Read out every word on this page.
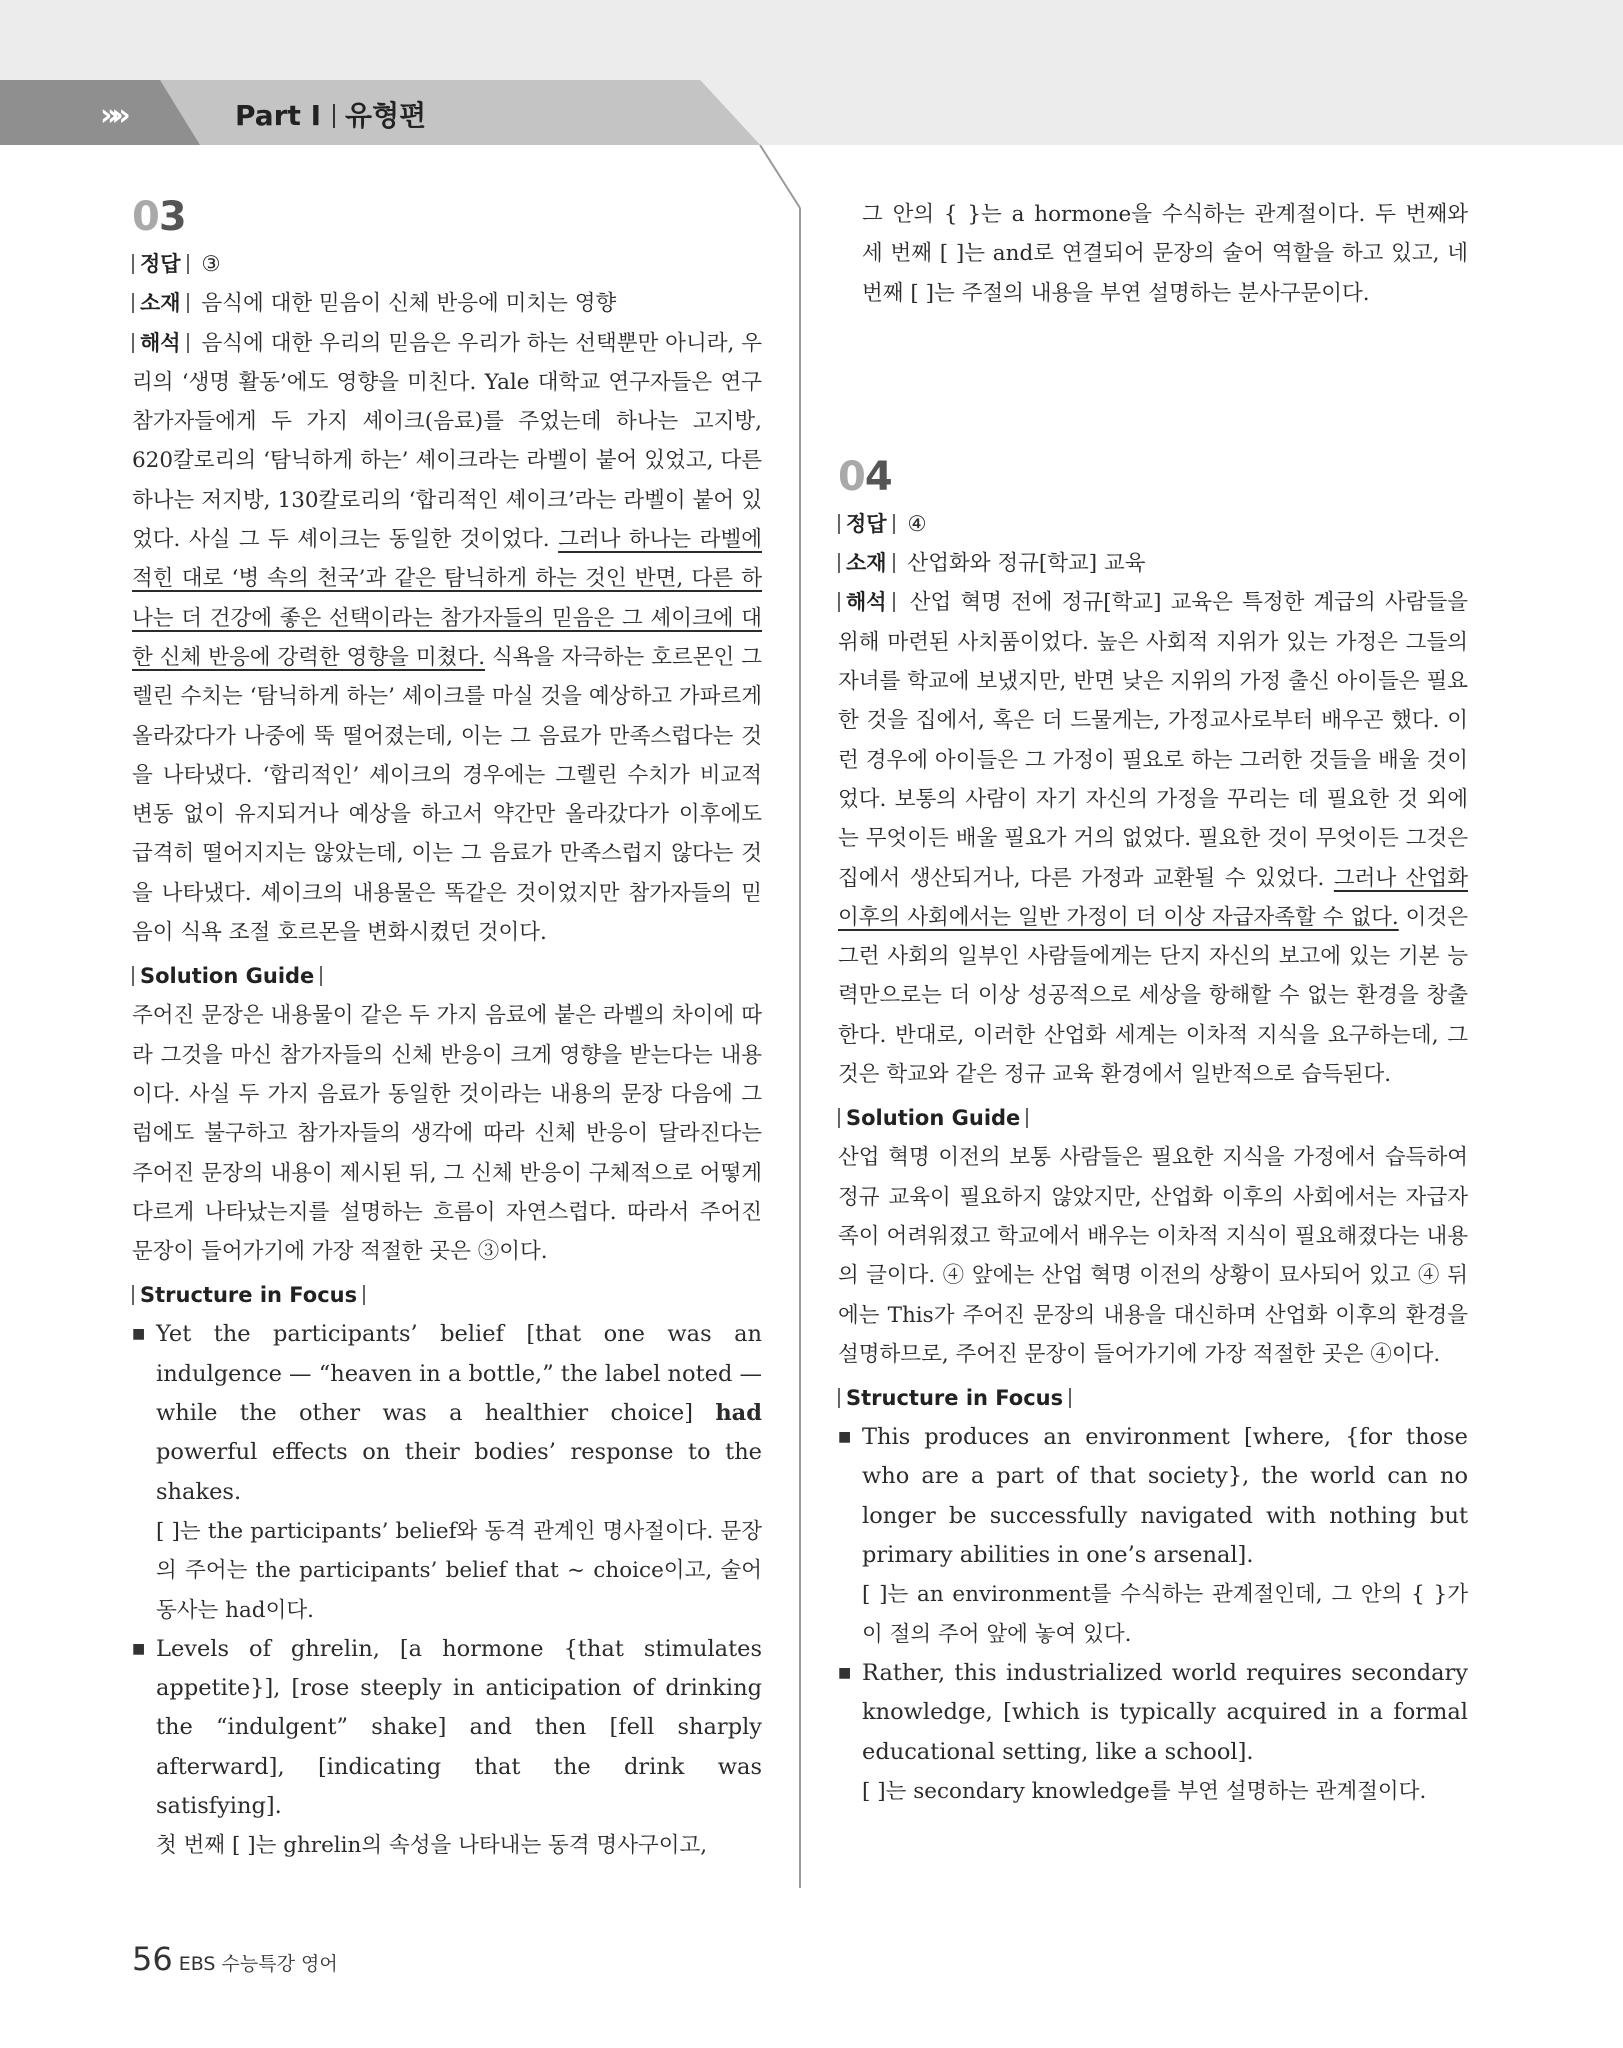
»»	Part Ⅰ 유형편
03

정답 ③

소재 음식에 대한 믿음이 신체 반응에 미치는 영향

해석 음식에 대한 우리의 믿음은 우리가 하는 선택뿐만 아니라, 우리의 ‘생명 활동’에도 영향을 미친다. Yale 대학교 연구자들은 연구 참가자들에게 두 가지 셰이크(음료)를 주었는데 하나는 고지방, 620칼로리의 ‘탐닉하게 하는’ 셰이크라는 라벨이 붙어 있었고, 다른 하나는 저지방, 130칼로리의 ‘합리적인 셰이크’라는 라벨이 붙어 있었다. 사실 그 두 셰이크는 동일한 것이었다. 그러나 하나는 라벨에 적힌 대로 ‘병 속의 천국’과 같은 탐닉하게 하는 것인 반면, 다른 하나는 더 건강에 좋은 선택이라는 참가자들의 믿음은 그 셰이크에 대한 신체 반응에 강력한 영향을 미쳤다. 식욕을 자극하는 호르몬인 그렐린 수치는 ‘탐닉하게 하는’ 셰이크를 마실 것을 예상하고 가파르게 올라갔다가 나중에 뚝 떨어졌는데, 이는 그 음료가 만족스럽다는 것을 나타냈다. ‘합리적인’ 셰이크의 경우에는 그렐린 수치가 비교적 변동 없이 유지되거나 예상을 하고서 약간만 올라갔다가 이후에도 급격히 떨어지지는 않았는데, 이는 그 음료가 만족스럽지 않다는 것을 나타냈다. 셰이크의 내용물은 똑같은 것이었지만 참가자들의 믿음이 식욕 조절 호르몬을 변화시켰던 것이다.

Solution Guide

주어진 문장은 내용물이 같은 두 가지 음료에 붙은 라벨의 차이에 따라 그것을 마신 참가자들의 신체 반응이 크게 영향을 받는다는 내용이다. 사실 두 가지 음료가 동일한 것이라는 내용의 문장 다음에 그럼에도 불구하고 참가자들의 생각에 따라 신체 반응이 달라진다는 주어진 문장의 내용이 제시된 뒤, 그 신체 반응이 구체적으로 어떻게 다르게 나타났는지를 설명하는 흐름이 자연스럽다. 따라서 주어진 문장이 들어가기에 가장 적절한 곳은 ③이다.

Structure in Focus

■ Yet the participants’ belief [that one was an indulgence — “heaven in a bottle,” the label noted — while the other was a healthier choice] had powerful effects on their bodies’ response to the shakes.

[ ]는 the participants’ belief와 동격 관계인 명사절이다. 문장의 주어는 the participants’ belief that ~ choice이고, 술어 동사는 had이다.

■ Levels of ghrelin, [a hormone {that stimulates appetite}], [rose steeply in anticipation of drinking the “indulgent” shake] and then [fell sharply afterward], [indicating that the drink was satisfying].

첫 번째 [ ]는 ghrelin의 속성을 나타내는 동격 명사구이고,

그 안의 { }는 a hormone을 수식하는 관계절이다. 두 번째와 세 번째 [ ]는 and로 연결되어 문장의 술어 역할을 하고 있고, 네 번째 [ ]는 주절의 내용을 부연 설명하는 분사구문이다.

04

정답 ④

소재 산업화와 정규[학교] 교육

해석 산업 혁명 전에 정규[학교] 교육은 특정한 계급의 사람들을 위해 마련된 사치품이었다. 높은 사회적 지위가 있는 가정은 그들의 자녀를 학교에 보냈지만, 반면 낮은 지위의 가정 출신 아이들은 필요한 것을 집에서, 혹은 더 드물게는, 가정교사로부터 배우곤 했다. 이런 경우에 아이들은 그 가정이 필요로 하는 그러한 것들을 배울 것이었다. 보통의 사람이 자기 자신의 가정을 꾸리는 데 필요한 것 외에는 무엇이든 배울 필요가 거의 없었다. 필요한 것이 무엇이든 그것은 집에서 생산되거나, 다른 가정과 교환될 수 있었다. 그러나 산업화 이후의 사회에서는 일반 가정이 더 이상 자급자족할 수 없다. 이것은 그런 사회의 일부인 사람들에게는 단지 자신의 보고에 있는 기본 능력만으로는 더 이상 성공적으로 세상을 항해할 수 없는 환경을 창출한다. 반대로, 이러한 산업화 세계는 이차적 지식을 요구하는데, 그것은 학교와 같은 정규 교육 환경에서 일반적으로 습득된다.

Solution Guide

산업 혁명 이전의 보통 사람들은 필요한 지식을 가정에서 습득하여 정규 교육이 필요하지 않았지만, 산업화 이후의 사회에서는 자급자족이 어려워졌고 학교에서 배우는 이차적 지식이 필요해졌다는 내용의 글이다. ④ 앞에는 산업 혁명 이전의 상황이 묘사되어 있고 ④ 뒤에는 This가 주어진 문장의 내용을 대신하며 산업화 이후의 환경을 설명하므로, 주어진 문장이 들어가기에 가장 적절한 곳은 ④이다.

Structure in Focus

■ This produces an environment [where, {for those who are a part of that society}, the world can no longer be successfully navigated with nothing but primary abilities in one’s arsenal].

[ ]는 an environment를 수식하는 관계절인데, 그 안의 { }가 이 절의 주어 앞에 놓여 있다.

■ Rather, this industrialized world requires secondary knowledge, [which is typically acquired in a formal educational setting, like a school].

[ ]는 secondary knowledge를 부연 설명하는 관계절이다.

56 EBS 수능특강 영어
